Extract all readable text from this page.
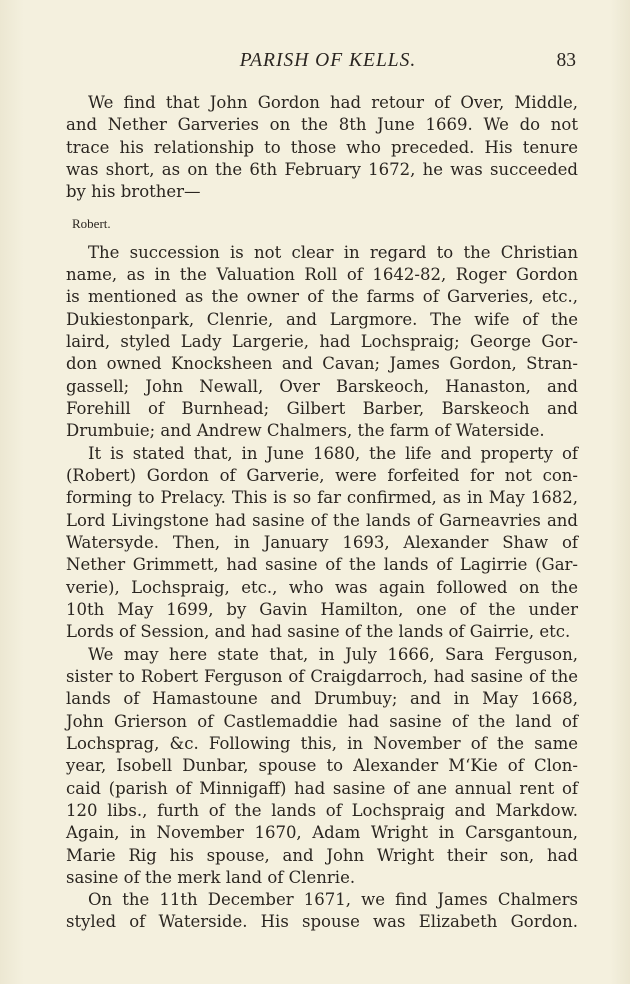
PARISH OF KELLS.	83

We find that John Gordon had retour of Over, Middle,
and Nether Garveries on the 8th June 1669. We do not
trace his relationship to those who preceded. His tenure
was short, as on the 6th February 1672, he was succeeded
by his brother—

Robert.

The succession is not clear in regard to the Christian
name, as in the Valuation Roll of 1642-82, Roger Gordon
is mentioned as the owner of the farms of Garveries, etc.,
Dukiestonpark, Clenrie, and Largmore. The wife of the
laird, styled Lady Largerie, had Lochspraig; George Gor-
don owned Knocksheen and Cavan; James Gordon, Stran-
gassell; John Newall, Over Barskeoch, Hanaston, and
Forehill of Burnhead; Gilbert Barber, Barskeoch and
Drumbuie; and Andrew Chalmers, the farm of Waterside.

It is stated that, in June 1680, the life and property of
(Robert) Gordon of Garverie, were forfeited for not con-
forming to Prelacy. This is so far confirmed, as in May 1682,
Lord Livingstone had sasine of the lands of Garneavries and
Watersyde. Then, in January 1693, Alexander Shaw of
Nether Grimmett, had sasine of the lands of Lagirrie (Gar-
verie), Lochspraig, etc., who was again followed on the
10th May 1699, by Gavin Hamilton, one of the under
Lords of Session, and had sasine of the lands of Gairrie, etc.

We may here state that, in July 1666, Sara Ferguson,
sister to Robert Ferguson of Craigdarroch, had sasine of the
lands of Hamastoune and Drumbuy; and in May 1668,
John Grierson of Castlemaddie had sasine of the land of
Lochsprag, &c. Following this, in November of the same
year, Isobell Dunbar, spouse to Alexander M‘Kie of Clon-
caid (parish of Minnigaff) had sasine of ane annual rent of
120 libs., furth of the lands of Lochspraig and Markdow.
Again, in November 1670, Adam Wright in Carsgantoun,
Marie Rig his spouse, and John Wright their son, had
sasine of the merk land of Clenrie.

On the 11th December 1671, we find James Chalmers
styled of Waterside. His spouse was Elizabeth Gordon.
